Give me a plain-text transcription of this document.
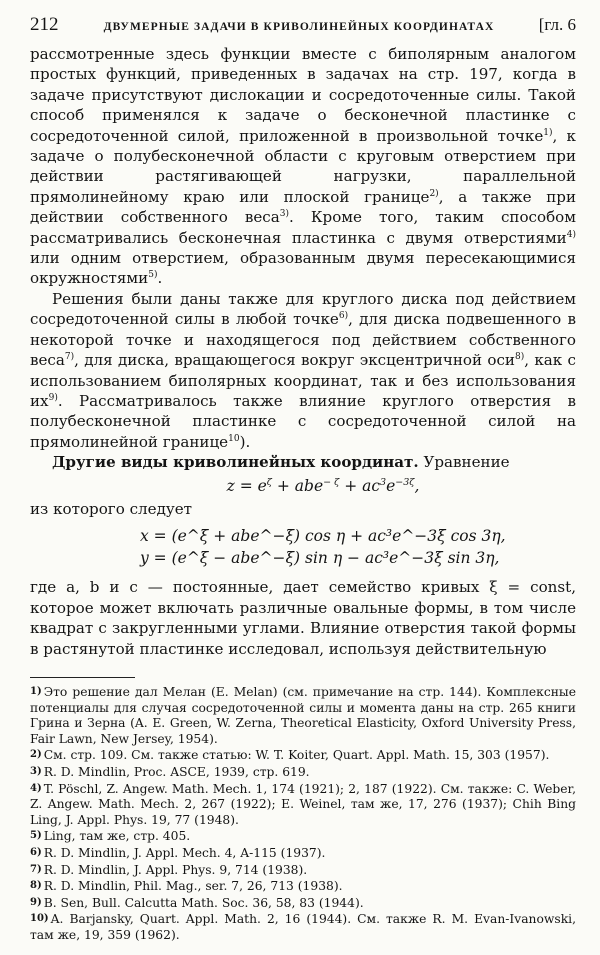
212	ДВУМЕРНЫЕ ЗАДАЧИ В КРИВОЛИНЕЙНЫХ КООРДИНАТАХ	[гл. 6

рассмотренные здесь функции вместе с биполярным аналогом простых функций, приведенных в задачах на стр. 197, когда в задаче присутствуют дислокации и сосредоточенные силы. Такой способ применялся к задаче о бесконечной пластинке с сосредоточенной силой, приложенной в произвольной точке$^{1)}$, к задаче о полубесконечной области с круговым отверстием при действии растягивающей нагрузки, параллельной прямолинейному краю или плоской границе$^{2)}$, а также при действии собственного веса$^{3)}$. Кроме того, таким способом рассматривались бесконечная пластинка с двумя отверстиями$^{4)}$ или одним отверстием, образованным двумя пересекающимися окружностями$^{5)}$.

Решения были даны также для круглого диска под действием сосредоточенной силы в любой точке$^{6)}$, для диска подвешенного в некоторой точке и находящегося под действием собственного веса$^{7)}$, для диска, вращающегося вокруг эксцентричной оси$^{8)}$, как с использованием биполярных координат, так и без использования $их^{9)}$. Рассматривалось также влияние круглого отверстия в полубесконечной пластинке с сосредоточенной силой на прямолинейной границе$^{10}$).

Другие виды криволинейных координат. Уравнение

$z = e^\zeta + abe^{- \zeta} + ac^3e^{-3\zeta}$,

из которого следует

x = (e^ξ + abe^−ξ) cos η + ac³e^−3ξ cos 3η,
y = (e^ξ − abe^−ξ) sin η − ac³e^−3ξ sin 3η,

где a, b и c — постоянные, дает семейство кривых ξ = const, которое может включать различные овальные формы, в том числе квадрат с закругленными углами. Влияние отверстия такой формы в растянутой пластинке исследовал, используя действительную

1) Это решение дал Мелан (E. Melan) (см. примечание на стр. 144). Комплексные потенциалы для случая сосредоточенной силы и момента даны на стр. 265 книги Грина и Зерна (A. E. Green, W. Zerna, Theoretical Elasticity, Oxford University Press, Fair Lawn, New Jersey, 1954).
2) См. стр. 109. См. также статью: W. T. Koiter, Quart. Appl. Math. 15, 303 (1957).
3) R. D. Mindlin, Proc. ASCE, 1939, стр. 619.
4) T. Pöschl, Z. Angew. Math. Mech. 1, 174 (1921); 2, 187 (1922). См. также: C. Weber, Z. Angew. Math. Mech. 2, 267 (1922); E. Weinel, там же, 17, 276 (1937); Chih Bing Ling, J. Appl. Phys. 19, 77 (1948).
5) Ling, там же, стр. 405.
6) R. D. Mindlin, J. Appl. Mech. 4, A-115 (1937).
7) R. D. Mindlin, J. Appl. Phys. 9, 714 (1938).
8) R. D. Mindlin, Phil. Mag., ser. 7, 26, 713 (1938).
9) B. Sen, Bull. Calcutta Math. Soc. 36, 58, 83 (1944).
10) A. Barjansky, Quart. Appl. Math. 2, 16 (1944). См. также R. M. Evan-Ivanowski, там же, 19, 359 (1962).
